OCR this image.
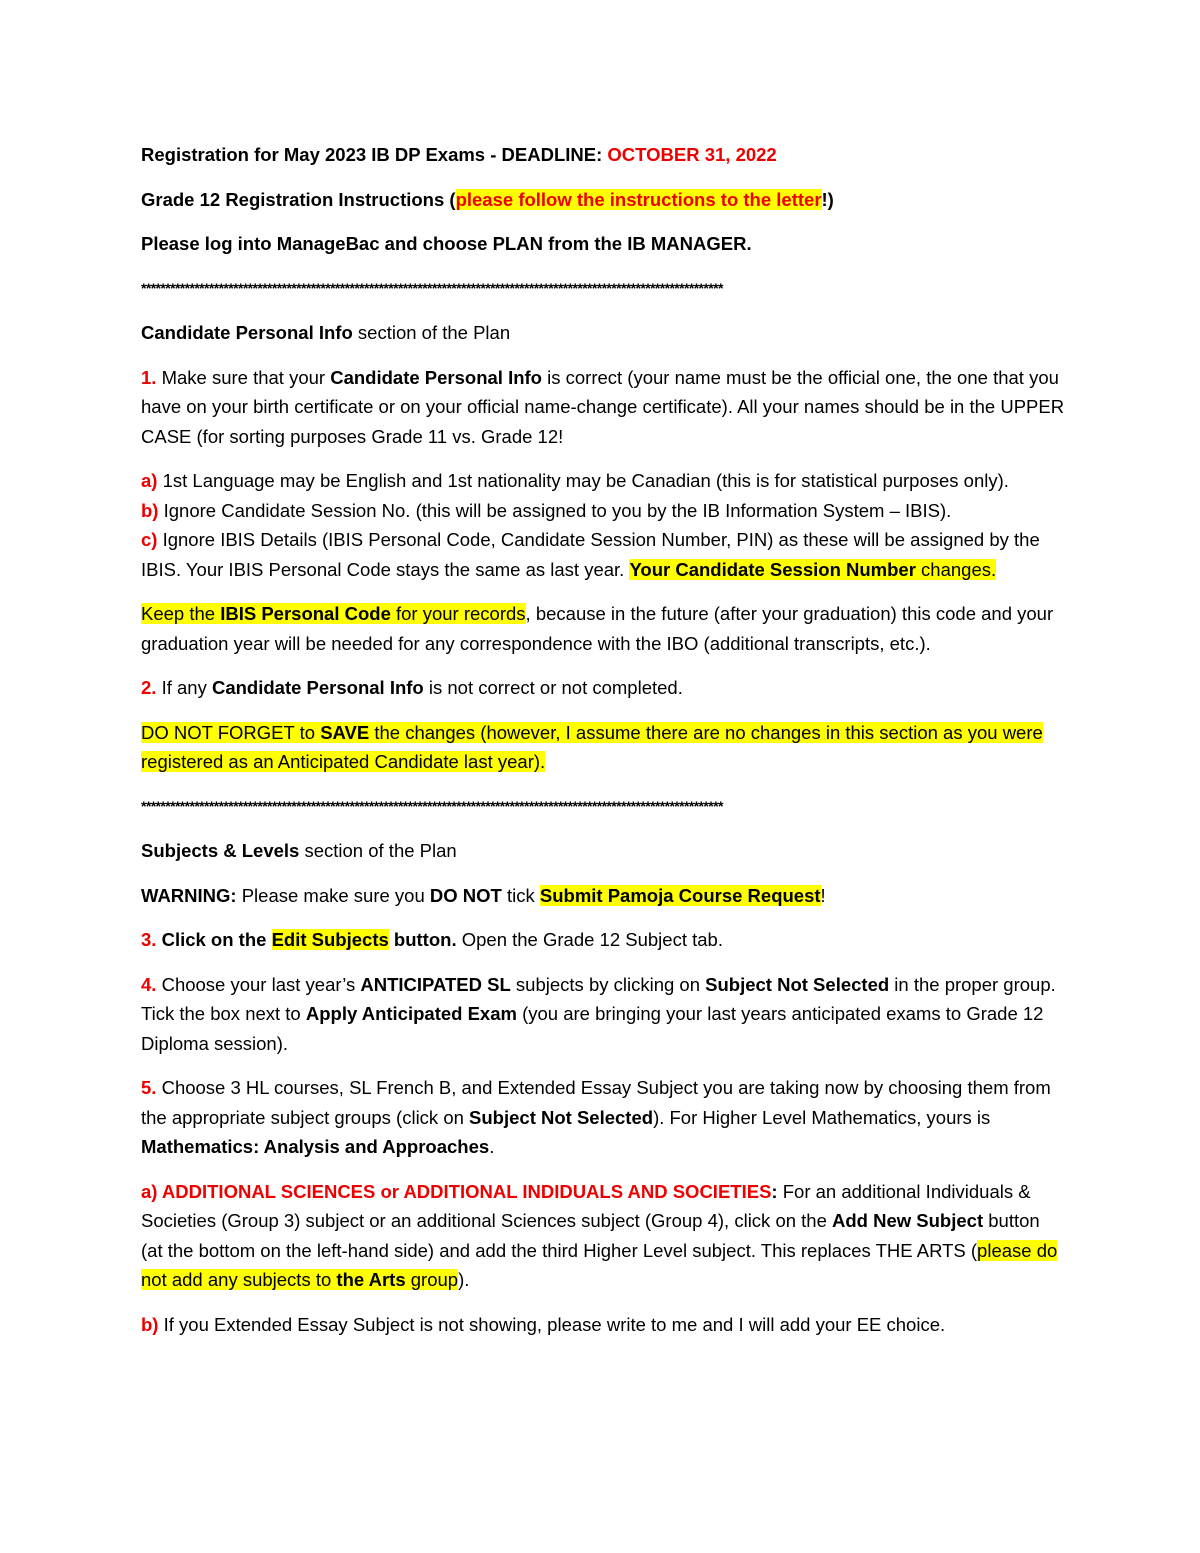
Registration for May 2023 IB DP Exams - DEADLINE: OCTOBER 31, 2022

Grade 12 Registration Instructions (please follow the instructions to the letter!)

Please log into ManageBac and choose PLAN from the IB MANAGER.

************************************************************************************************************************

Candidate Personal Info section of the Plan

1. Make sure that your Candidate Personal Info is correct (your name must be the official one, the one that you have on your birth certificate or on your official name-change certificate). All your names should be in the UPPER CASE (for sorting purposes Grade 11 vs. Grade 12!

a) 1st Language may be English and 1st nationality may be Canadian (this is for statistical purposes only).

b) Ignore Candidate Session No. (this will be assigned to you by the IB Information System – IBIS).

c) Ignore IBIS Details (IBIS Personal Code, Candidate Session Number, PIN) as these will be assigned by the IBIS. Your IBIS Personal Code stays the same as last year. Your Candidate Session Number changes.

Keep the IBIS Personal Code for your records, because in the future (after your graduation) this code and your graduation year will be needed for any correspondence with the IBO (additional transcripts, etc.).

2. If any Candidate Personal Info is not correct or not completed.

DO NOT FORGET to SAVE the changes (however, I assume there are no changes in this section as you were registered as an Anticipated Candidate last year).

************************************************************************************************************************

Subjects & Levels section of the Plan

WARNING: Please make sure you DO NOT tick Submit Pamoja Course Request!

3. Click on the Edit Subjects button. Open the Grade 12 Subject tab.

4. Choose your last year’s ANTICIPATED SL subjects by clicking on Subject Not Selected in the proper group. Tick the box next to Apply Anticipated Exam (you are bringing your last years anticipated exams to Grade 12 Diploma session).

5. Choose 3 HL courses, SL French B, and Extended Essay Subject you are taking now by choosing them from the appropriate subject groups (click on Subject Not Selected). For Higher Level Mathematics, yours is Mathematics: Analysis and Approaches.

a) ADDITIONAL SCIENCES or ADDITIONAL INDIDUALS AND SOCIETIES: For an additional Individuals & Societies (Group 3) subject or an additional Sciences subject (Group 4), click on the Add New Subject button (at the bottom on the left-hand side) and add the third Higher Level subject. This replaces THE ARTS (please do not add any subjects to the Arts group).

b) If you Extended Essay Subject is not showing, please write to me and I will add your EE choice.
